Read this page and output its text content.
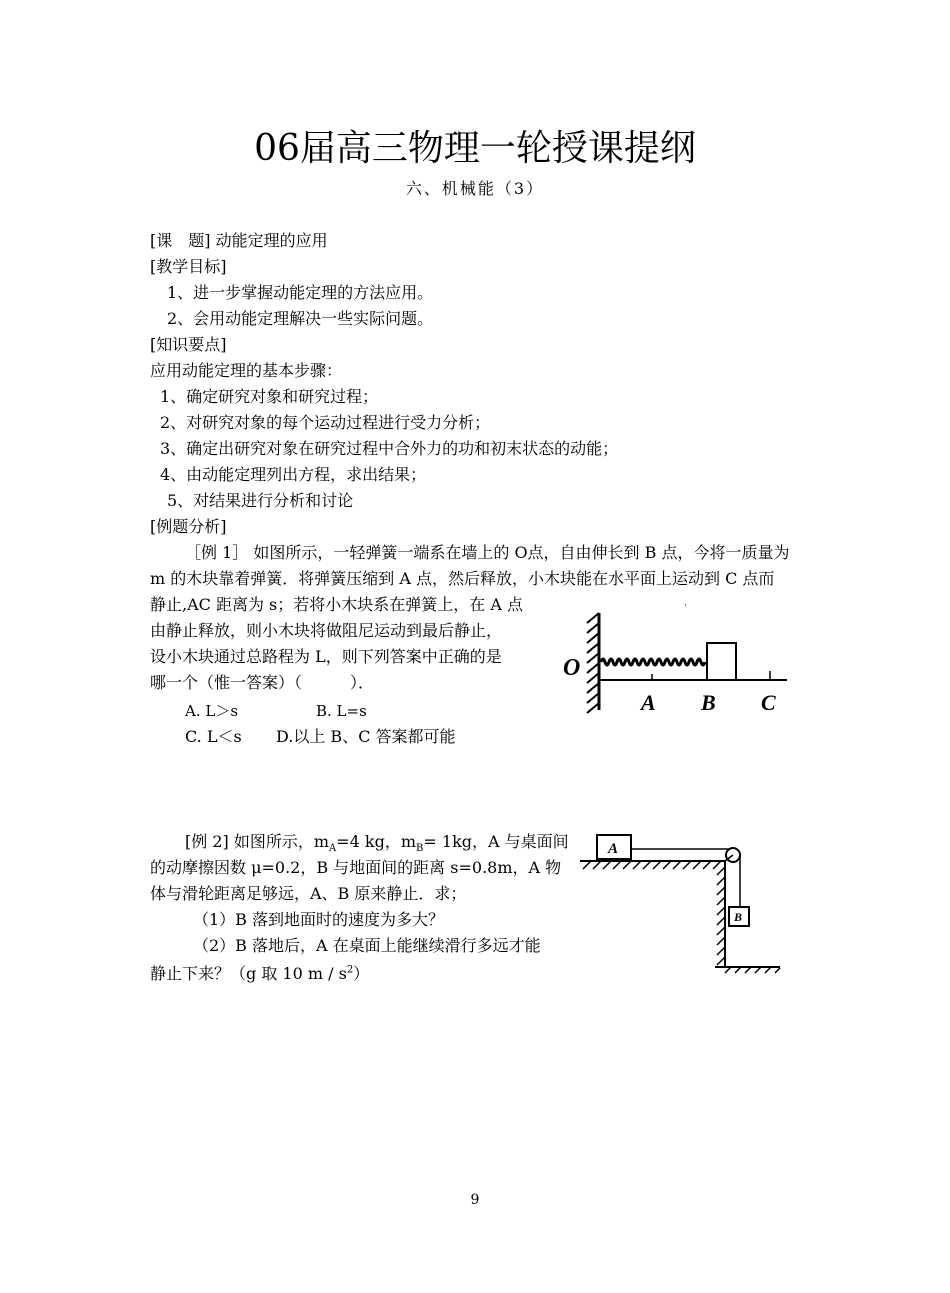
06届高三物理一轮授课提纲
六、机械能（3）
[课　题] 动能定理的应用
[教学目标]
1、进一步掌握动能定理的方法应用。
2、会用动能定理解决一些实际问题。
[知识要点]
应用动能定理的基本步骤：
1、确定研究对象和研究过程；
2、对研究对象的每个运动过程进行受力分析；
3、确定出研究对象在研究过程中合外力的功和初末状态的动能；
4、由动能定理列出方程，求出结果；
5、对结果进行分析和讨论
[例题分析]
［例 1］ 如图所示，一轻弹簧一端系在墙上的 O点，自由伸长到 B 点，今将一质量为
m 的木块靠着弹簧．将弹簧压缩到 A 点，然后释放，小木块能在水平面上运动到 C 点而
静止,AC 距离为 s；若将小木块系在弹簧上，在 A 点
由静止释放，则小木块将做阻尼运动到最后静止，
设小木块通过总路程为 L，则下列答案中正确的是
哪一个（惟一答案）（　　　）．
A. L＞s	B. L=s
C. L＜s D.以上 B、C 答案都可能
O
A B C
[例 2] 如图所示，$m_A=4$ kg，$m_B= 1kg$，A 与桌面间
的动摩擦因数 μ=0.2，B 与地面间的距离 s=0.8m，A 物
体与滑轮距离足够远，A、B 原来静止．求；
（1）B 落到地面时的速度为多大？
（2）B 落地后，A 在桌面上能继续滑行多远才能
静止下来？（g 取 10 m / $s^2$）
A
B
9
